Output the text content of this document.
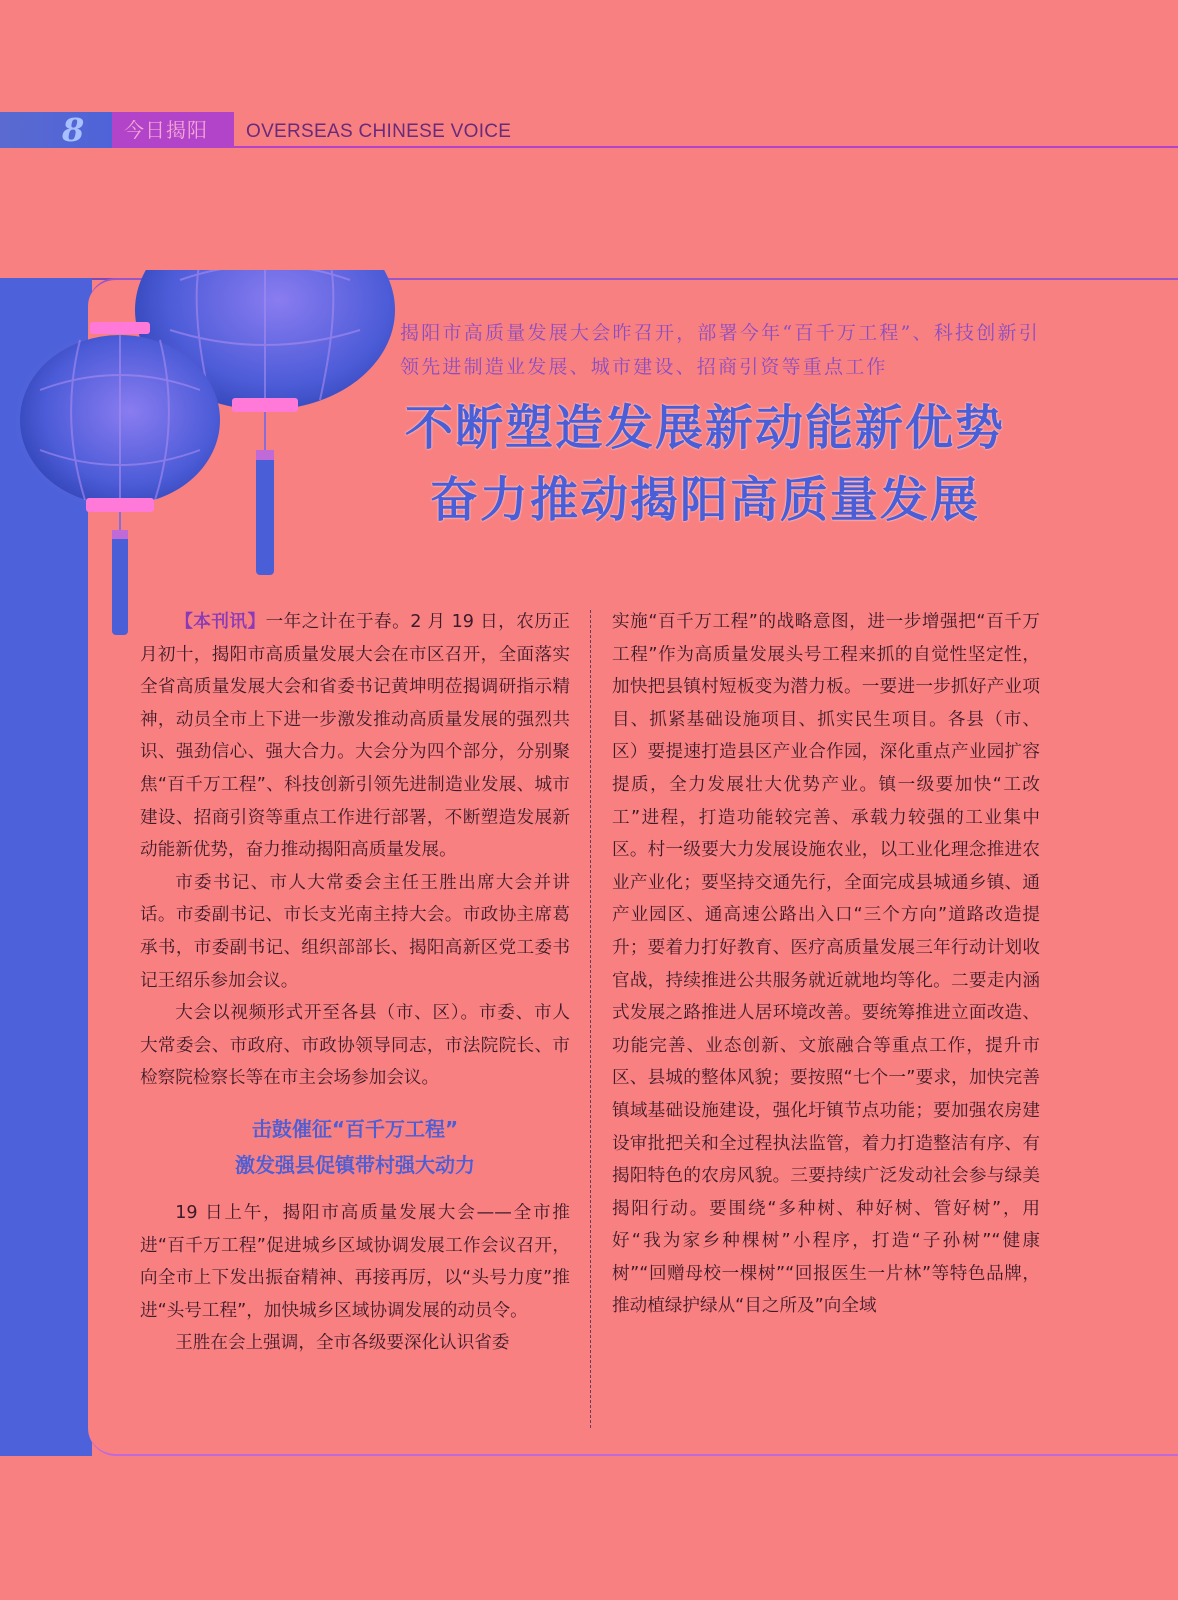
8	今日揭阳 OVERSEAS CHINESE VOICE
揭阳市高质量发展大会昨召开，部署今年“百千万工程”、科技创新引领先进制造业发展、城市建设、招商引资等重点工作
不断塑造发展新动能新优势
奋力推动揭阳高质量发展

【本刊讯】一年之计在于春。2 月 19 日，农历正月初十，揭阳市高质量发展大会在市区召开，全面落实全省高质量发展大会和省委书记黄坤明莅揭调研指示精神，动员全市上下进一步激发推动高质量发展的强烈共识、强劲信心、强大合力。大会分为四个部分，分别聚焦“百千万工程”、科技创新引领先进制造业发展、城市建设、招商引资等重点工作进行部署，不断塑造发展新动能新优势，奋力推动揭阳高质量发展。

市委书记、市人大常委会主任王胜出席大会并讲话。市委副书记、市长支光南主持大会。市政协主席葛承书，市委副书记、组织部部长、揭阳高新区党工委书记王绍乐参加会议。

大会以视频形式开至各县（市、区）。市委、市人大常委会、市政府、市政协领导同志，市法院院长、市检察院检察长等在市主会场参加会议。

击鼓催征“百千万工程”
激发强县促镇带村强大动力

19 日上午，揭阳市高质量发展大会——全市推进“百千万工程”促进城乡区域协调发展工作会议召开，向全市上下发出振奋精神、再接再厉，以“头号力度”推进“头号工程”，加快城乡区域协调发展的动员令。

王胜在会上强调，全市各级要深化认识省委

实施“百千万工程”的战略意图，进一步增强把“百千万工程”作为高质量发展头号工程来抓的自觉性坚定性，加快把县镇村短板变为潜力板。一要进一步抓好产业项目、抓紧基础设施项目、抓实民生项目。各县（市、区）要提速打造县区产业合作园，深化重点产业园扩容提质，全力发展壮大优势产业。镇一级要加快“工改工”进程，打造功能较完善、承载力较强的工业集中区。村一级要大力发展设施农业，以工业化理念推进农业产业化；要坚持交通先行，全面完成县城通乡镇、通产业园区、通高速公路出入口“三个方向”道路改造提升；要着力打好教育、医疗高质量发展三年行动计划收官战，持续推进公共服务就近就地均等化。二要走内涵式发展之路推进人居环境改善。要统筹推进立面改造、功能完善、业态创新、文旅融合等重点工作，提升市区、县城的整体风貌；要按照“七个一”要求，加快完善镇域基础设施建设，强化圩镇节点功能；要加强农房建设审批把关和全过程执法监管，着力打造整洁有序、有揭阳特色的农房风貌。三要持续广泛发动社会参与绿美揭阳行动。要围绕“多种树、种好树、管好树”，用好“我为家乡种棵树”小程序，打造“子孙树”“健康树”“回赠母校一棵树”“回报医生一片林”等特色品牌，推动植绿护绿从“目之所及”向全域
